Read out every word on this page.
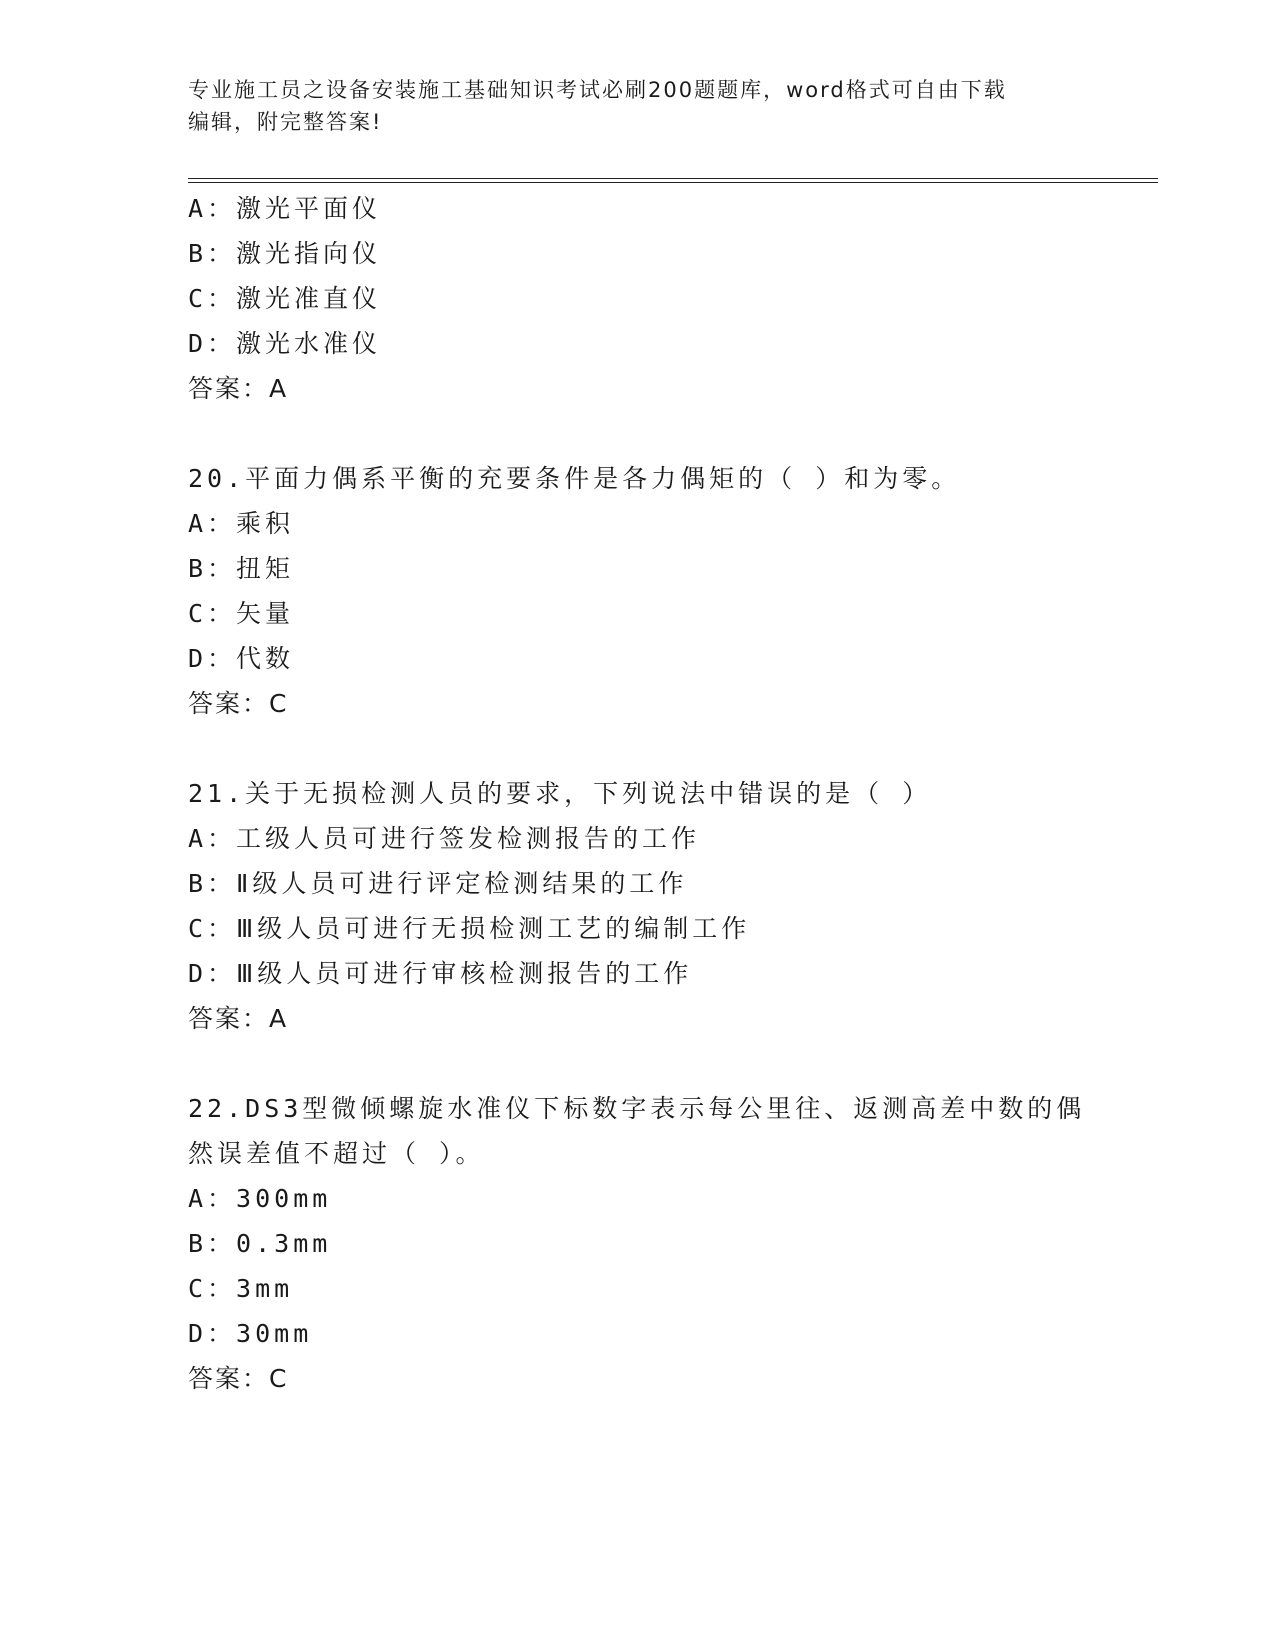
专业施工员之设备安装施工基础知识考试必刷200题题库，word格式可自由下载
编辑，附完整答案!
A：激光平面仪
B：激光指向仪
C：激光准直仪
D：激光水准仪
答案：A
20.平面力偶系平衡的充要条件是各力偶矩的（ ）和为零。
A：乘积
B：扭矩
C：矢量
D：代数
答案：C
21.关于无损检测人员的要求，下列说法中错误的是（ ）
A：工级人员可进行签发检测报告的工作
B：Ⅱ级人员可进行评定检测结果的工作
C：Ⅲ级人员可进行无损检测工艺的编制工作
D：Ⅲ级人员可进行审核检测报告的工作
答案：A
22.DS3型微倾螺旋水准仪下标数字表示每公里往、返测高差中数的偶
然误差值不超过（ ）。
A：300mm
B：0.3mm
C：3mm
D：30mm
答案：C
